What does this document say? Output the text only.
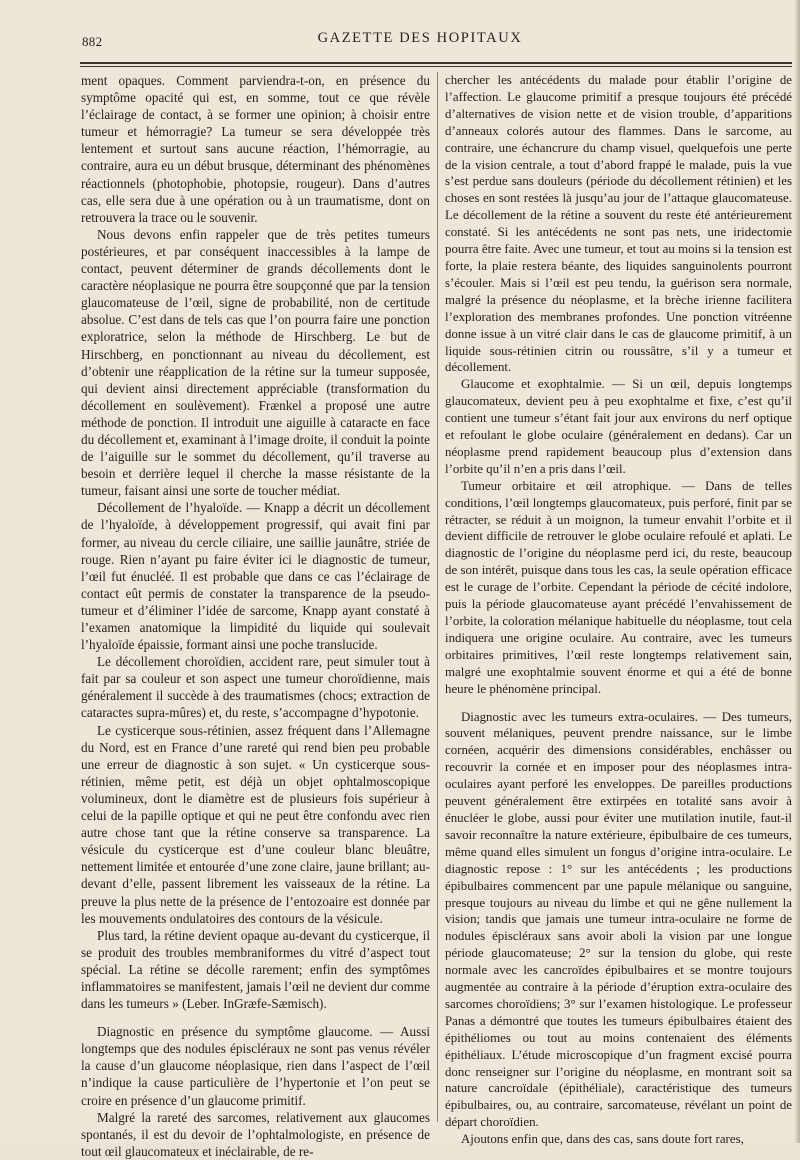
882	GAZETTE DES HOPITAUX

ment opaques. Comment parviendra-t-on, en présence du symptôme opacité qui est, en somme, tout ce que révèle l’éclairage de contact, à se former une opinion; à choisir entre tumeur et hémorragie? La tumeur se sera développée très lentement et surtout sans aucune réaction, l’hémorragie, au contraire, aura eu un début brusque, déterminant des phénomènes réactionnels (photophobie, photopsie, rougeur). Dans d’autres cas, elle sera due à une opération ou à un traumatisme, dont on retrouvera la trace ou le souvenir.

Nous devons enfin rappeler que de très petites tumeurs postérieures, et par conséquent inaccessibles à la lampe de contact, peuvent déterminer de grands décollements dont le caractère néoplasique ne pourra être soupçonné que par la tension glaucomateuse de l’œil, signe de probabilité, non de certitude absolue. C’est dans de tels cas que l’on pourra faire une ponction exploratrice, selon la méthode de Hirschberg. Le but de Hirschberg, en ponctionnant au niveau du décollement, est d’obtenir une réapplication de la rétine sur la tumeur supposée, qui devient ainsi directement appréciable (transformation du décollement en soulèvement). Frænkel a proposé une autre méthode de ponction. Il introduit une aiguille à cataracte en face du décollement et, examinant à l’image droite, il conduit la pointe de l’aiguille sur le sommet du décollement, qu’il traverse au besoin et derrière lequel il cherche la masse résistante de la tumeur, faisant ainsi une sorte de toucher médiat.

Décollement de l’hyaloïde. — Knapp a décrit un décollement de l’hyaloïde, à développement progressif, qui avait fini par former, au niveau du cercle ciliaire, une saillie jaunâtre, striée de rouge. Rien n’ayant pu faire éviter ici le diagnostic de tumeur, l’œil fut énucléé. Il est probable que dans ce cas l’éclairage de contact eût permis de constater la transparence de la pseudo-tumeur et d’éliminer l’idée de sarcome, Knapp ayant constaté à l’examen anatomique la limpidité du liquide qui soulevait l’hyaloïde épaissie, formant ainsi une poche translucide.

Le décollement choroïdien, accident rare, peut simuler tout à fait par sa couleur et son aspect une tumeur choroïdienne, mais généralement il succède à des traumatismes (chocs; extraction de cataractes supra-mûres) et, du reste, s’accompagne d’hypotonie.

Le cysticerque sous-rétinien, assez fréquent dans l’Allemagne du Nord, est en France d’une rareté qui rend bien peu probable une erreur de diagnostic à son sujet. « Un cysticerque sous-rétinien, même petit, est déjà un objet ophtalmoscopique volumineux, dont le diamètre est de plusieurs fois supérieur à celui de la papille optique et qui ne peut être confondu avec rien autre chose tant que la rétine conserve sa transparence. La vésicule du cysticerque est d’une couleur blanc bleuâtre, nettement limitée et entourée d’une zone claire, jaune brillant; au-devant d’elle, passent librement les vaisseaux de la rétine. La preuve la plus nette de la présence de l’entozoaire est donnée par les mouvements ondulatoires des contours de la vésicule.

Plus tard, la rétine devient opaque au-devant du cysticerque, il se produit des troubles membraniformes du vitré d’aspect tout spécial. La rétine se décolle rarement; enfin des symptômes inflammatoires se manifestent, jamais l’œil ne devient dur comme dans les tumeurs » (Leber. InGræfe-Sæmisch).

Diagnostic en présence du symptôme glaucome. — Aussi longtemps que des nodules épiscléraux ne sont pas venus révéler la cause d’un glaucome néoplasique, rien dans l’aspect de l’œil n’indique la cause particulière de l’hypertonie et l’on peut se croire en présence d’un glaucome primitif.

Malgré la rareté des sarcomes, relativement aux glaucomes spontanés, il est du devoir de l’ophtalmologiste, en présence de tout œil glaucomateux et inéclairable, de re-

chercher les antécédents du malade pour établir l’origine de l’affection. Le glaucome primitif a presque toujours été précédé d’alternatives de vision nette et de vision trouble, d’apparitions d’anneaux colorés autour des flammes. Dans le sarcome, au contraire, une échancrure du champ visuel, quelquefois une perte de la vision centrale, a tout d’abord frappé le malade, puis la vue s’est perdue sans douleurs (période du décollement rétinien) et les choses en sont restées là jusqu’au jour de l’attaque glaucomateuse. Le décollement de la rétine a souvent du reste été antérieurement constaté. Si les antécédents ne sont pas nets, une iridectomie pourra être faite. Avec une tumeur, et tout au moins si la tension est forte, la plaie restera béante, des liquides sanguinolents pourront s’écouler. Mais si l’œil est peu tendu, la guérison sera normale, malgré la présence du néoplasme, et la brèche irienne facilitera l’exploration des membranes profondes. Une ponction vitréenne donne issue à un vitré clair dans le cas de glaucome primitif, à un liquide sous-rétinien citrin ou roussâtre, s’il y a tumeur et décollement.

Glaucome et exophtalmie. — Si un œil, depuis longtemps glaucomateux, devient peu à peu exophtalme et fixe, c’est qu’il contient une tumeur s’étant fait jour aux environs du nerf optique et refoulant le globe oculaire (généralement en dedans). Car un néoplasme prend rapidement beaucoup plus d’extension dans l’orbite qu’il n’en a pris dans l’œil.

Tumeur orbitaire et œil atrophique. — Dans de telles conditions, l’œil longtemps glaucomateux, puis perforé, finit par se rétracter, se réduit à un moignon, la tumeur envahit l’orbite et il devient difficile de retrouver le globe oculaire refoulé et aplati. Le diagnostic de l’origine du néoplasme perd ici, du reste, beaucoup de son intérêt, puisque dans tous les cas, la seule opération efficace est le curage de l’orbite. Cependant la période de cécité indolore, puis la période glaucomateuse ayant précédé l’envahissement de l’orbite, la coloration mélanique habituelle du néoplasme, tout cela indiquera une origine oculaire. Au contraire, avec les tumeurs orbitaires primitives, l’œil reste longtemps relativement sain, malgré une exophtalmie souvent énorme et qui a été de bonne heure le phénomène principal.

Diagnostic avec les tumeurs extra-oculaires. — Des tumeurs, souvent mélaniques, peuvent prendre naissance, sur le limbe cornéen, acquérir des dimensions considérables, enchâsser ou recouvrir la cornée et en imposer pour des néoplasmes intra-oculaires ayant perforé les enveloppes. De pareilles productions peuvent généralement être extirpées en totalité sans avoir à énucléer le globe, aussi pour éviter une mutilation inutile, faut-il savoir reconnaître la nature extérieure, épibulbaire de ces tumeurs, même quand elles simulent un fongus d’origine intra-oculaire. Le diagnostic repose : 1° sur les antécédents ; les productions épibulbaires commencent par une papule mélanique ou sanguine, presque toujours au niveau du limbe et qui ne gêne nullement la vision; tandis que jamais une tumeur intra-oculaire ne forme de nodules épiscléraux sans avoir aboli la vision par une longue période glaucomateuse; 2° sur la tension du globe, qui reste normale avec les cancroïdes épibulbaires et se montre toujours augmentée au contraire à la période d’éruption extra-oculaire des sarcomes choroïdiens; 3° sur l’examen histologique. Le professeur Panas a démontré que toutes les tumeurs épibulbaires étaient des épithéliomes ou tout au moins contenaient des éléments épithéliaux. L’étude microscopique d’un fragment excisé pourra donc renseigner sur l’origine du néoplasme, en montrant soit sa nature cancroïdale (épithéliale), caractéristique des tumeurs épibulbaires, ou, au contraire, sarcomateuse, révélant un point de départ choroïdien.

Ajoutons enfin que, dans des cas, sans doute fort rares,
